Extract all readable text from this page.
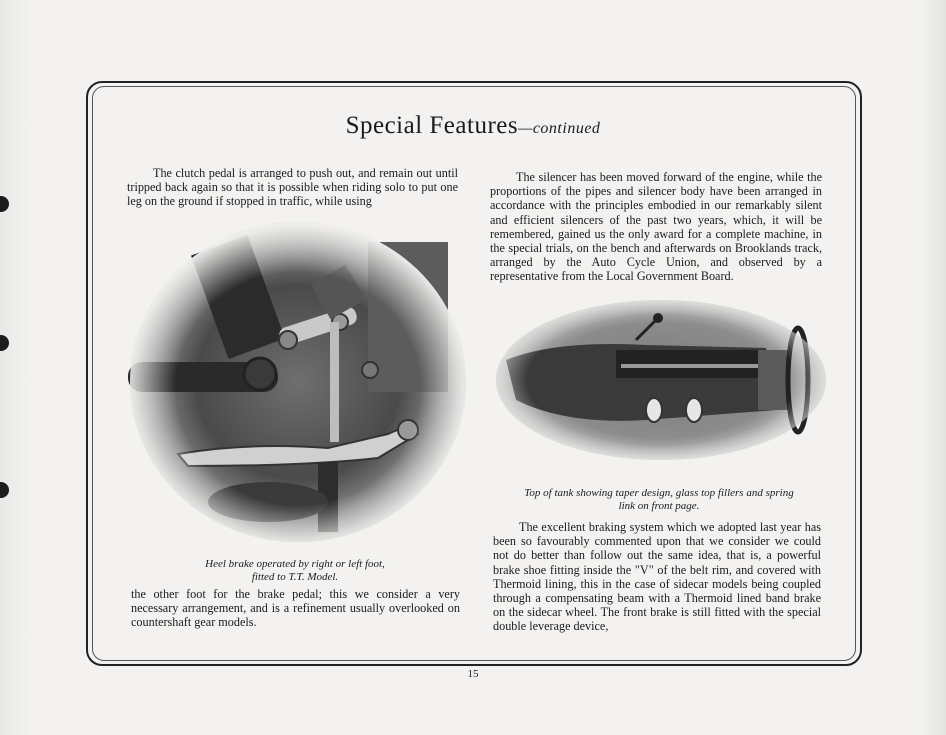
Special Features—continued

The clutch pedal is arranged to push out, and remain out until tripped back again so that it is possible when riding solo to put one leg on the ground if stopped in traffic, while using

Heel brake operated by right or left foot,
fitted to T.T. Model.

the other foot for the brake pedal; this we consider a very necessary arrangement, and is a refinement usually overlooked on countershaft gear models.

The silencer has been moved forward of the engine, while the proportions of the pipes and silencer body have been arranged in accordance with the principles embodied in our remarkably silent and efficient silencers of the past two years, which, it will be remembered, gained us the only award for a complete machine, in the special trials, on the bench and afterwards on Brooklands track, arranged by the Auto Cycle Union, and observed by a representative from the Local Government Board.

Top of tank showing taper design, glass top fillers and spring
link on front page.

The excellent braking system which we adopted last year has been so favourably commented upon that we consider we could not do better than follow out the same idea, that is, a powerful brake shoe fitting inside the "V" of the belt rim, and covered with Thermoid lining, this in the case of sidecar models being coupled through a compensating beam with a Thermoid lined band brake on the sidecar wheel. The front brake is still fitted with the special double leverage device,

15
